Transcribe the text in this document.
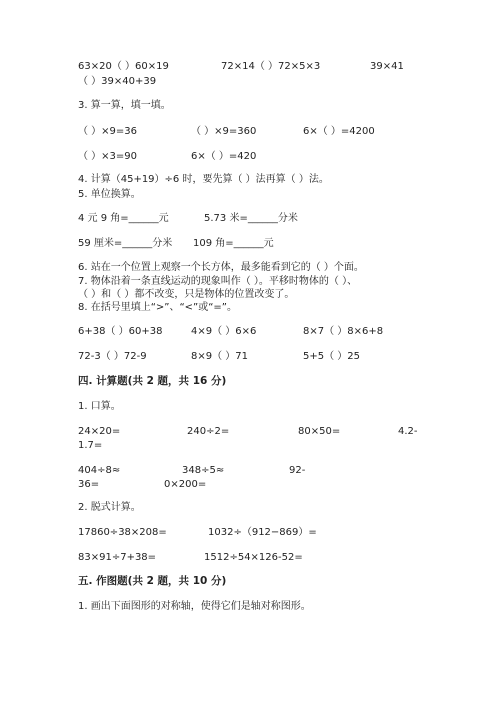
63×20（ ）60×19	72×14（ ）72×5×3	39×41
（ ）39×40+39
3. 算一算，填一填。
（ ）×9=36	（ ）×9=360	6×（ ）=4200
（ ）×3=90	6×（ ）=420
4. 计算（45+19）÷6 时，要先算（ ）法再算（ ）法。
5. 单位换算。
4 元 9 角=______元	5.73 米=______分米
59 厘米=______分米 109 角=______元
6. 站在一个位置上观察一个长方体，最多能看到它的（ ）个面。
7. 物体沿着一条直线运动的现象叫作（ ）。平移时物体的（ ）、
（ ）和（ ）都不改变，只是物体的位置改变了。
8. 在括号里填上“>”、“<”或“=”。
6+38（ ）60+38	4×9（ ）6×6	8×7（ ）8×6+8
72-3（ ）72-9	8×9（ ）71	5+5（ ）25
四. 计算题(共 2 题，共 16 分)
1. 口算。
24×20=	240÷2=	80×50=	4.2-
1.7=
404÷8≈	348÷5≈	92-
36=	0×200=
2. 脱式计算。
17860÷38×208=	1032÷（912−869）=
83×91÷7+38=	1512÷54×126-52=
五. 作图题(共 2 题，共 10 分)
1. 画出下面图形的对称轴，使得它们是轴对称图形。
